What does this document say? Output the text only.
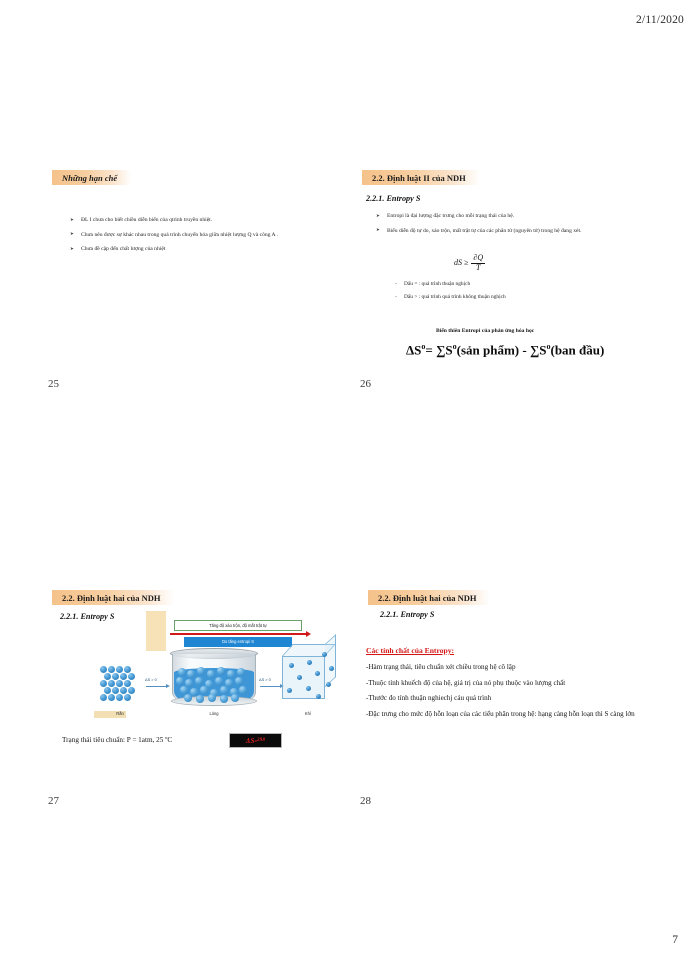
2/11/2020
7
Những hạn chế
➤ ĐL I chưa cho biết chiều diễn biến của qtrinh truyền nhiệt.
➤ Chưa nêu được sự khác nhau trong quá trình chuyển hóa giữa nhiệt lượng Q và công A .
➤ Chưa đề cập đến chất lượng của nhiệt
25
2.2. Định luật II của NDH
2.2.1. Entropy S
➤ Entropi là đại lượng đặc trưng cho mỗi trạng thái của hệ.
➤ Biểu diễn độ tự do, xáo trộn, mất trật tự của các phân tử (nguyên tử) trong hệ đang xét.
dS ≥ $\frac{\partial Q}{T}$
- Dấu = : quá trình thuận nghịch
- Dấu > : quá trình quá trình không thuận nghịch
Biến thiên Entropi của phản ứng hóa học
$\Delta S^o=$ $\sum S^o(sản$ phẩm) - $\sum S^o(ban$ đầu)
26
2.2. Định luật hai của NDH
2.2.1. Entropy S
Tăng độ xáo trộn, độ mất trật tự
Do tăng entropi S
ΔS > 0	ΔS > 0
Rắn	Lỏng	Khí
Trạng thái tiêu chuẩn: P = 1atm, 25 ºC	ΔS o 298
27
2.2. Định luật hai của NDH
2.2.1. Entropy S
Các tính chất của Entropy:

-Hàm trạng thái, tiêu chuẩn xét chiều trong hệ cô lập

-Thuộc tính khuếch độ của hệ, giá trị của nó phụ thuộc vào lượng chất

-Thước đo tính thuận nghiechj cáu quá trình

-Đặc trưng cho mức độ hỗn loạn của các tiểu phân trong hệ: hạng càng hỗn loạn thì S càng lớn

28
